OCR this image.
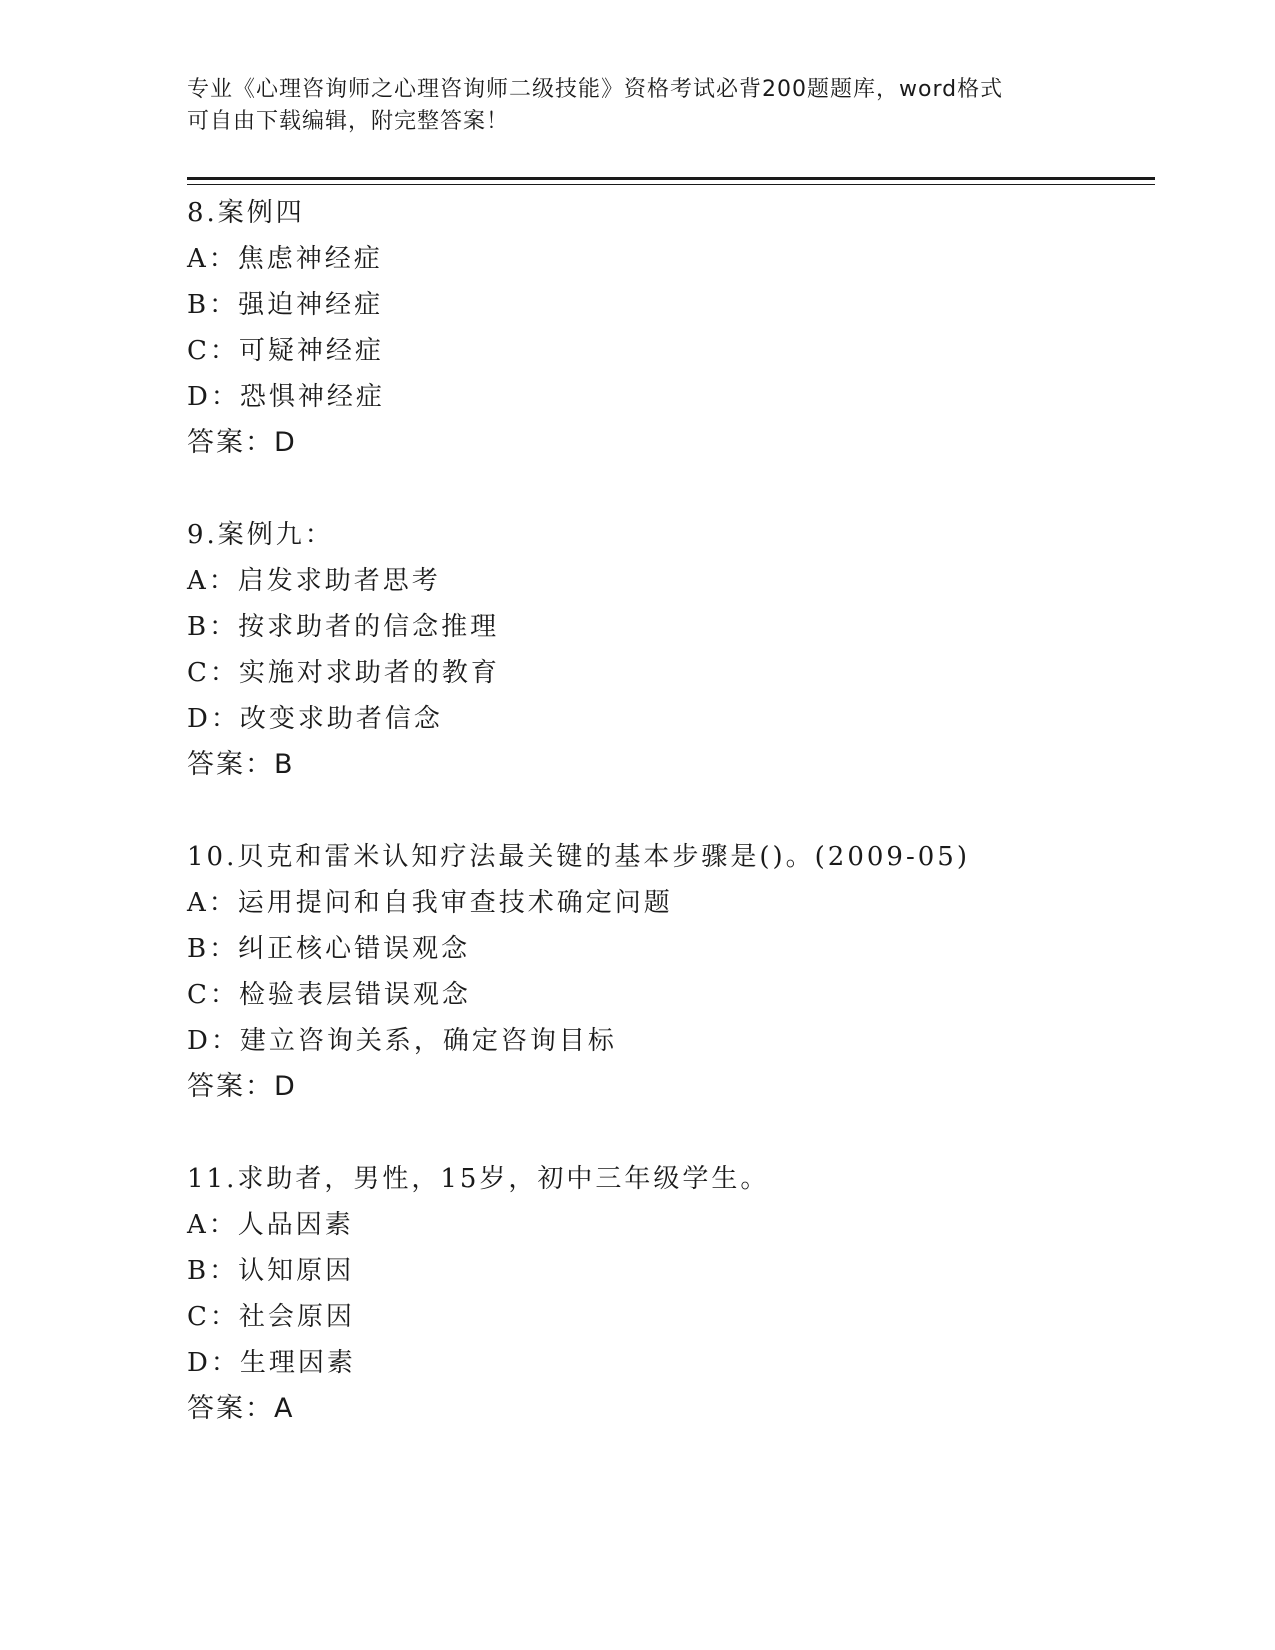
专业《心理咨询师之心理咨询师二级技能》资格考试必背200题题库，word格式
可自由下载编辑，附完整答案！
8.案例四
A：焦虑神经症
B：强迫神经症
C：可疑神经症
D：恐惧神经症
答案：D
9.案例九：
A：启发求助者思考
B：按求助者的信念推理
C：实施对求助者的教育
D：改变求助者信念
答案：B
10.贝克和雷米认知疗法最关键的基本步骤是()。(2009-05)
A：运用提问和自我审查技术确定问题
B：纠正核心错误观念
C：检验表层错误观念
D：建立咨询关系，确定咨询目标
答案：D
11.求助者，男性，15岁，初中三年级学生。
A：人品因素
B：认知原因
C：社会原因
D：生理因素
答案：A
